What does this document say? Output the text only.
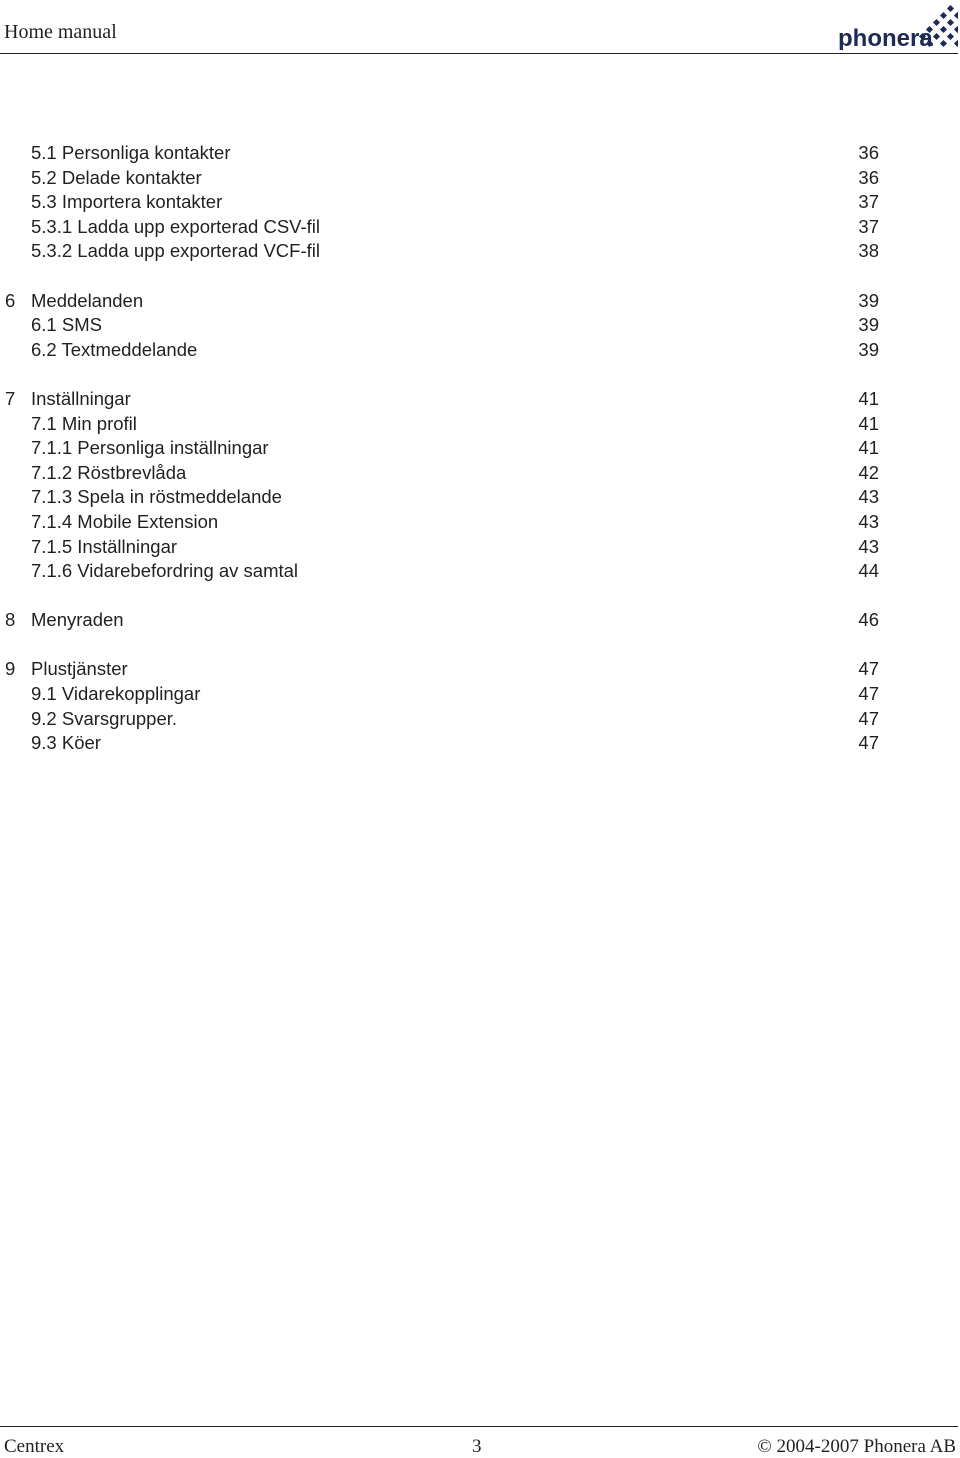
Home manual	phonera
5.1 Personliga kontakter	36
5.2 Delade kontakter	36
5.3 Importera kontakter	37
5.3.1 Ladda upp exporterad CSV-fil	37
5.3.2 Ladda upp exporterad VCF-fil	38
6 Meddelanden	39
6.1 SMS	39
6.2 Textmeddelande	39
7 Inställningar	41
7.1 Min profil	41
7.1.1 Personliga inställningar	41
7.1.2 Röstbrevlåda	42
7.1.3 Spela in röstmeddelande	43
7.1.4 Mobile Extension	43
7.1.5 Inställningar	43
7.1.6 Vidarebefordring av samtal	44
8 Menyraden	46
9 Plustjänster	47
9.1 Vidarekopplingar	47
9.2 Svarsgrupper.	47
9.3 Köer	47
Centrex	3	© 2004-2007 Phonera AB
